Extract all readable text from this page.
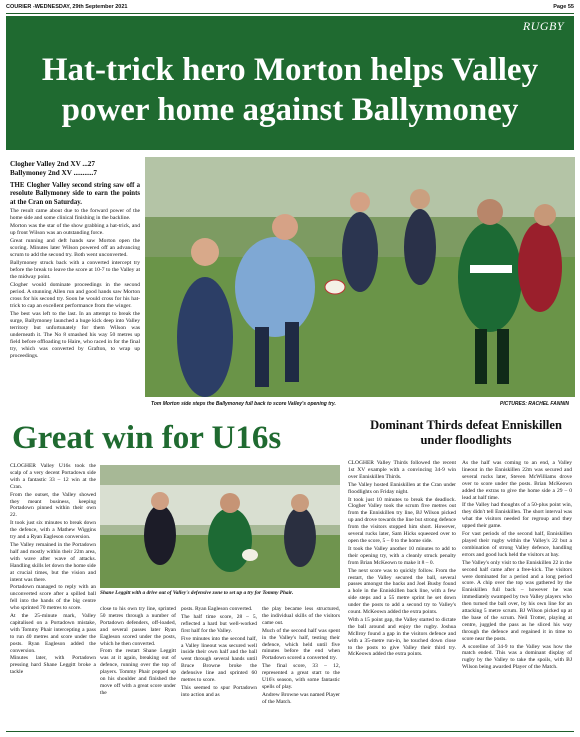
COURIER -WEDNESDAY, 29th September 2021	Page 55
RUGBY
Hat-trick hero Morton helps Valley
power home against Ballymoney
Clogher Valley 2nd XV ...27
Ballymoney 2nd XV ...........7

THE Clogher Valley second string saw off a resolute Ballymoney side to earn the points at the Cran on Saturday.

The result came about due to the forward power of the home side and some clinical finishing in the backline.

Morton was the star of the show grabbing a hat-trick, and up front Wilson was an outstanding force.

Great running and deft hands saw Morton open the scoring. Minutes later Wilson powered off an advancing scrum to add the second try. Both went unconverted.

Ballymoney struck back with a converted intercept try before the break to leave the score at 10-7 to the Valley at the midway point.

Clogher would dominate proceedings in the second period. A stunning Allen run and good hands saw Morton cross for his second try. Soon he would cross for his hat-trick to cap an excellent performance from the winger.

The best was left to the last. In an attempt to break the surge, Ballymoney launched a huge kick deep into Valley territory but unfortunately for them Wilson was underneath it. The No 8 smashed his way 50 metres up field before offloading to Haire, who raced in for the final try, which was converted by Grafton, to wrap up proceedings.

Tom Morton side steps the Ballymoney full back to score Valley's opening try.	PICTURES: RACHEL FANNIN
Great win for U16s	Dominant Thirds defeat Enniskillen under floodlights

CLOGHER Valley U16s took the scalp of a very decent Portadown side with a fantastic 33 – 12 win at the Cran.

From the outset, the Valley showed they meant business, keeping Portadown pinned within their own 22.

It took just six minutes to break down the defence, with a Mathew Wiggins try and a Ryan Eagleson conversion.

The Valley remained in the Portadown half and mostly within their 22m area, with wave after wave of attacks. Handling skills let down the home side at crucial times, but the vision and intent was there.

Portadown managed to reply with an unconverted score after a spilled ball fell into the hands of the big centre who sprinted 70 metres to score.

At the 25-minute mark, Valley capitalised on a Portadown mistake, with Tommy Phair intercepting a pass to run 40 metres and score under the posts. Ryan Eagleson added the conversion.

Minutes later, with Portadown pressing hard Shane Leggitt broke a tackle

Shane Leggitt with a drive out of Valley's defensive zone to set up a try for Tommy Phair.

close to his own try line, sprinted 50 metres through a number of Portadown defenders, off-loaded, and several passes later Ryan Eagleson scored under the posts, which he then converted.

From the restart Shane Leggitt was at it again, breaking out of defence, running over the top of players. Tommy Phair popped up on his shoulder and finished the move off with a great score under the

posts. Ryan Eagleson converted.

The half time score, 28 – 5, reflected a hard but well-worked first half for the Valley.

Five minutes into the second half, a Valley lineout was secured well inside their own half and the ball went through several hands until Bruce Browne broke the defensive line and sprinted 60 metres to score.

This seemed to spur Portadown into action and as

the play became less structured, the individual skills of the visitors came out.

Much of the second half was spent in the Valley's half, testing their defence, which held until five minutes before the end when Portadown scored a converted try.

The final score, 33 – 12, represented a great start to the U16's season, with some fantastic spells of play.

Andrew Browne was named Player of the Match.

CLOGHER Valley Thirds followed the recent 1st XV example with a convincing 34-9 win over Enniskillen Thirds.

The Valley hosted Enniskillen at the Cran under floodlights on Friday night.

It took just 10 minutes to break the deadlock. Clogher Valley took the scrum five metres out from the Enniskillen try line, BJ Wilson picked up and drove towards the line but strong defence from the visitors stopped him short. However, several rucks later, Sam Hicks squeezed over to open the score, 5 – 0 to the home side.

It took the Valley another 10 minutes to add to their opening try, with a cleanly struck penalty from Brian McKeown to make it 8 – 0.

The next score was to quickly follow. From the restart, the Valley secured the ball, several passes amongst the backs and Joel Busby found a hole in the Enniskillen back line, with a few side steps and a 55 metre sprint he set down under the posts to add a second try to Valley's count. McKeown added the extra points.

With a 15 point gap, the Valley started to dictate the ball around and enjoy the rugby. Joshua McIlroy found a gap in the visitors defence and with a 35-metre run-in, he touched down close to the posts to give Valley their third try. McKeown added the extra points.

As the half was coming to an end, a Valley lineout in the Enniskillen 22m was secured and several rucks later, Steven McWilliams drove over to score under the posts. Brian McKeown added the extras to give the home side a 29 – 0 lead at half time.

If the Valley had thoughts of a 50-plus point win, they didn't tell Enniskillen. The short interval was what the visitors needed for regroup and they upped their game.

For vast periods of the second half, Enniskillen played their rugby within the Valley's 22 but a combination of strong Valley defence, handling errors and good luck held the visitors at bay.

The Valley's only visit to the Enniskillen 22 in the second half came after a free-kick. The visitors were dominated for a period and a long period score. A chip over the top was gathered by the Enniskillen full back – however he was immediately swamped by two Valley players who then turned the ball over, by his own line for an attacking 5 metre scrum. BJ Wilson picked up at the base of the scrum. Neil Trotter, playing at centre, juggled the pass as he sliced his way through the defence and regained it in time to score near the posts.

A scoreline of 34-9 to the Valley was how the match ended. This was a dominant display of rugby by the Valley to take the spoils, with BJ Wilson being awarded Player of the Match.
